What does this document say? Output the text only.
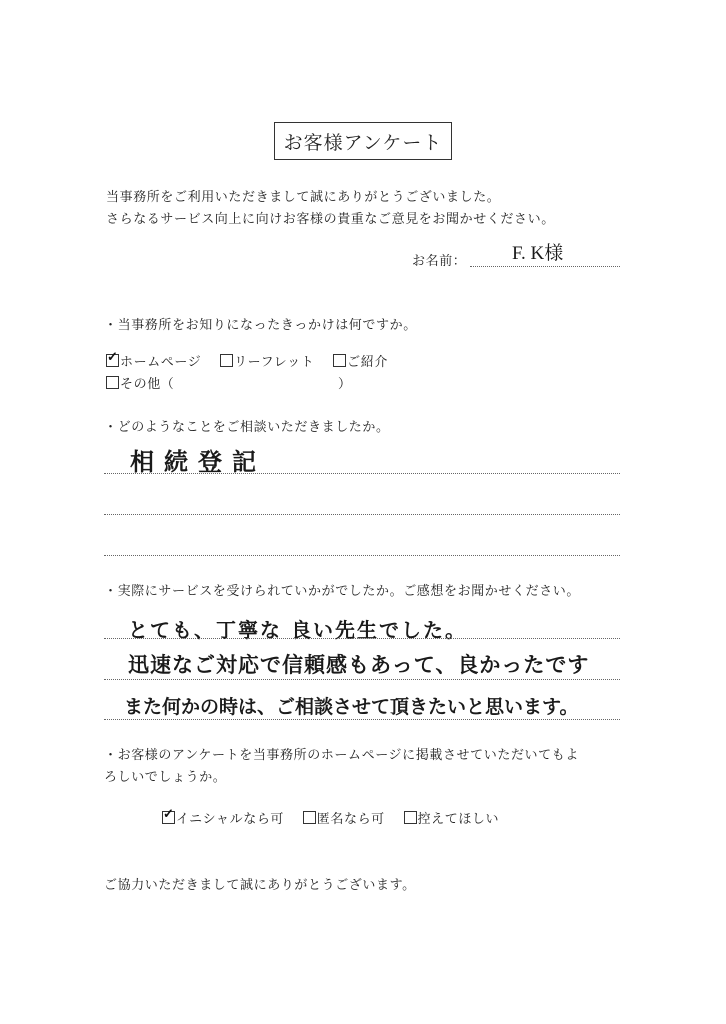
お客様アンケート
当事務所をご利用いただきまして誠にありがとうございました。
さらなるサービス向上に向けお客様の貴重なご意見をお聞かせください。
お名前： F. K様
・当事務所をお知りになったきっかけは何ですか。
✓ホームページ	リーフレット	ご紹介
その他（	）
・どのようなことをご相談いただきましたか。
相続登記
・実際にサービスを受けられていかがでしたか。ご感想をお聞かせください。
とても、丁寧な 良い先生でした。
迅速なご対応で信頼感もあって、良かったです
また何かの時は、ご相談させて頂きたいと思います。
・お客様のアンケートを当事務所のホームページに掲載させていただいてもよ
ろしいでしょうか。
✓イニシャルなら可	匿名なら可	控えてほしい
ご協力いただきまして誠にありがとうございます。
